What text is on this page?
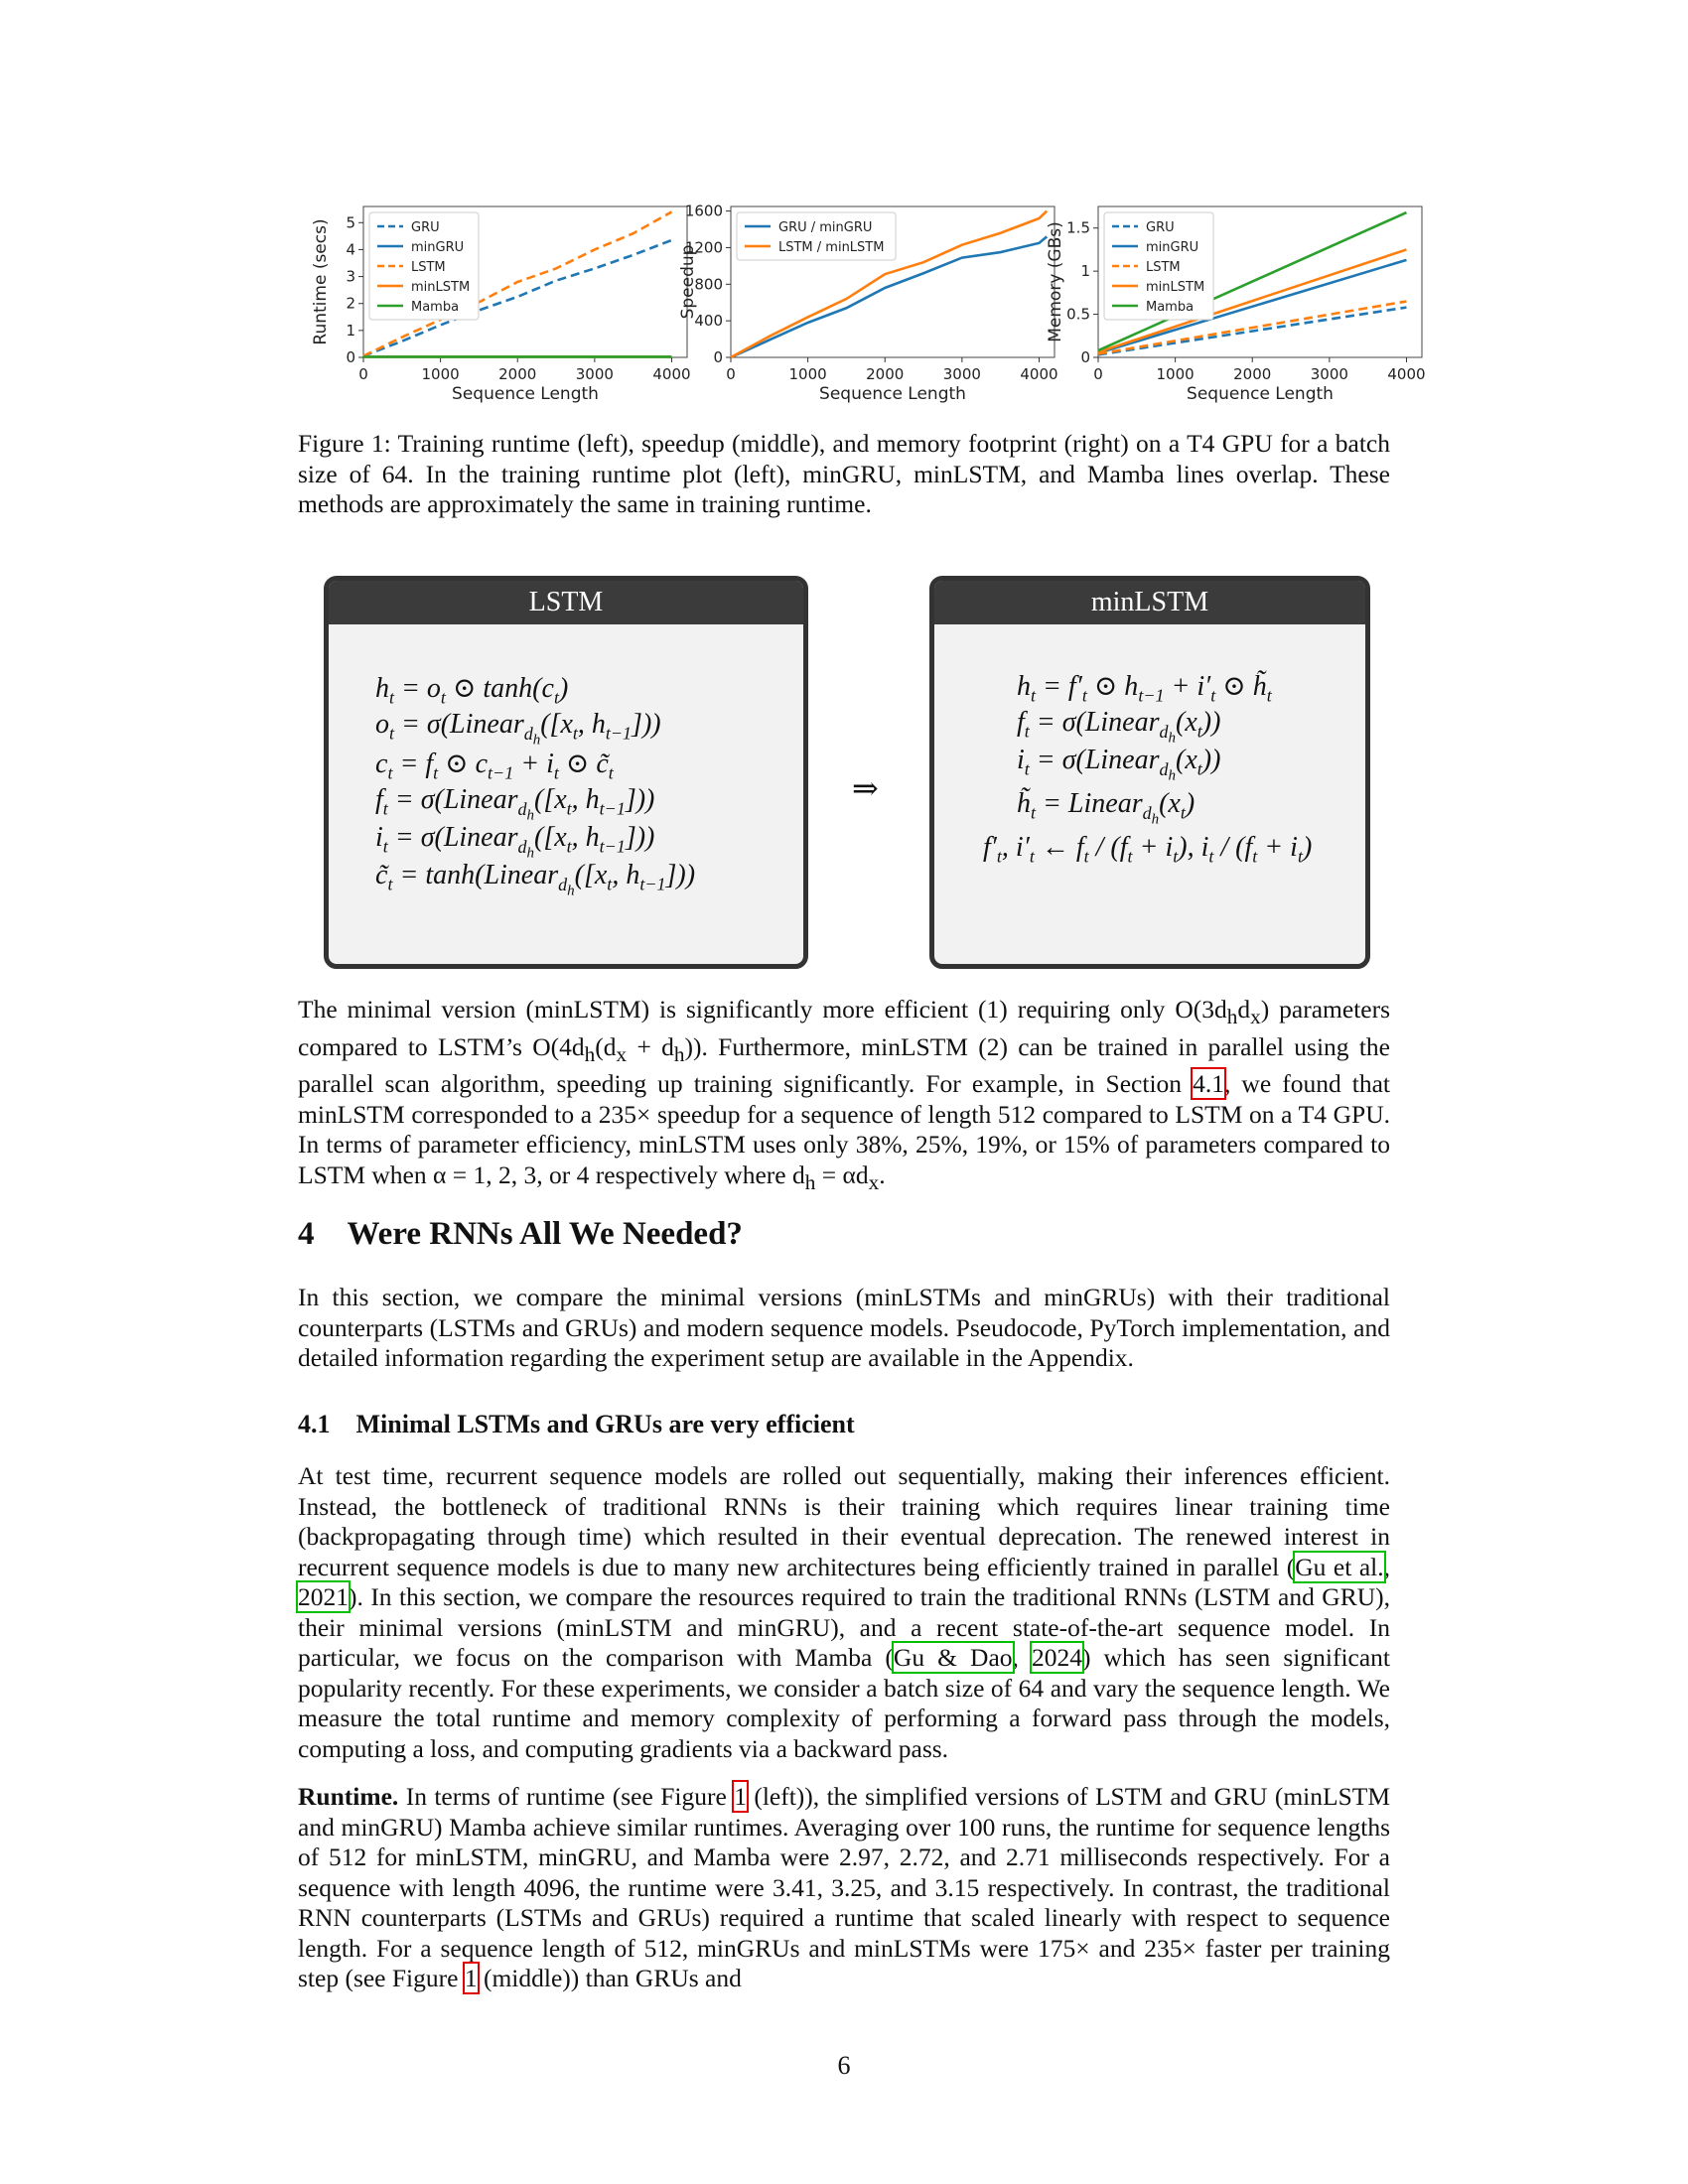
0	1000	2000	3000	4000
0
1
2
3
4
5
Sequence Length
Runtime (secs)	GRU
minGRU
LSTM
minLSTM
Mamba
0	1000	2000	3000	4000
0
400
800
1200
1600
Sequence Length
Speedup
GRU / minGRU
LSTM / minLSTM
0	1000	2000	3000	4000
0
0.5
1
1.5
Sequence Length
Memory (GBs)	GRU
minGRU
LSTM
minLSTM
Mamba

Figure 1: Training runtime (left), speedup (middle), and memory footprint (right) on a T4 GPU for a batch size of 64. In the training runtime plot (left), minGRU, minLSTM, and Mamba lines overlap. These methods are approximately the same in training runtime.

LSTM
$h_t = o_t$ ⊙ $\tanh(c_t)$
$o_t$ = $\sigma(Linear_{d_h}([x_t$, $h_{t-1}$]))
$c_t = f_t$ ⊙ $c_{t-1} + i_t$ ⊙ $c̃_t$
$f_t$ = $\sigma(Linear_{d_h}([x_t$, $h_{t-1}$]))
$i_t$ = $\sigma(Linear_{d_h}([x_t$, $h_{t-1}$]))
$c̃_t$ = $\tanh(Linear_{d_h}([x_t$, $h_{t-1}$]))
⇒
minLSTM
$h_t = f'_t$ ⊙ $h_{t-1} + i'_t$ ⊙ $h̃_t$
$f_t$ = $\sigma(Linear_{d_h}(x_t))$
$i_t$ = $\sigma(Linear_{d_h}(x_t))$
$h̃_t$ = $Linear_{d_h}(x_t)$
$f'_t$, $i'_t$ ← $f_t / (f_t + i_t)$, $i_t / (f_t + i_t)$

The minimal version (minLSTM) is significantly more efficient (1) requiring only $O(3d_hd_x)$ parameters compared to LSTM’s $O(4d_h(d_x + d_h))$. Furthermore, minLSTM (2) can be trained in parallel using the parallel scan algorithm, speeding up training significantly. For example, in Section 4.1, we found that minLSTM corresponded to a 235× speedup for a sequence of length 512 compared to LSTM on a T4 GPU. In terms of parameter efficiency, minLSTM uses only 38%, 25%, 19%, or 15% of parameters compared to LSTM when α = 1, 2, 3, or 4 respectively where $d_h = \alpha d_x$.

4 Were RNNs All We Needed?

In this section, we compare the minimal versions (minLSTMs and minGRUs) with their traditional counterparts (LSTMs and GRUs) and modern sequence models. Pseudocode, PyTorch implementation, and detailed information regarding the experiment setup are available in the Appendix.

4.1 Minimal LSTMs and GRUs are very efficient

At test time, recurrent sequence models are rolled out sequentially, making their inferences efficient. Instead, the bottleneck of traditional RNNs is their training which requires linear training time (backpropagating through time) which resulted in their eventual deprecation. The renewed interest in recurrent sequence models is due to many new architectures being efficiently trained in parallel (Gu et al., 2021). In this section, we compare the resources required to train the traditional RNNs (LSTM and GRU), their minimal versions (minLSTM and minGRU), and a recent state-of-the-art sequence model. In particular, we focus on the comparison with Mamba (Gu & Dao, 2024) which has seen significant popularity recently. For these experiments, we consider a batch size of 64 and vary the sequence length. We measure the total runtime and memory complexity of performing a forward pass through the models, computing a loss, and computing gradients via a backward pass.

Runtime. In terms of runtime (see Figure 1 (left)), the simplified versions of LSTM and GRU (minLSTM and minGRU) Mamba achieve similar runtimes. Averaging over 100 runs, the runtime for sequence lengths of 512 for minLSTM, minGRU, and Mamba were 2.97, 2.72, and 2.71 milliseconds respectively. For a sequence with length 4096, the runtime were 3.41, 3.25, and 3.15 respectively. In contrast, the traditional RNN counterparts (LSTMs and GRUs) required a runtime that scaled linearly with respect to sequence length. For a sequence length of 512, minGRUs and minLSTMs were 175× and 235× faster per training step (see Figure 1 (middle)) than GRUs and

6
